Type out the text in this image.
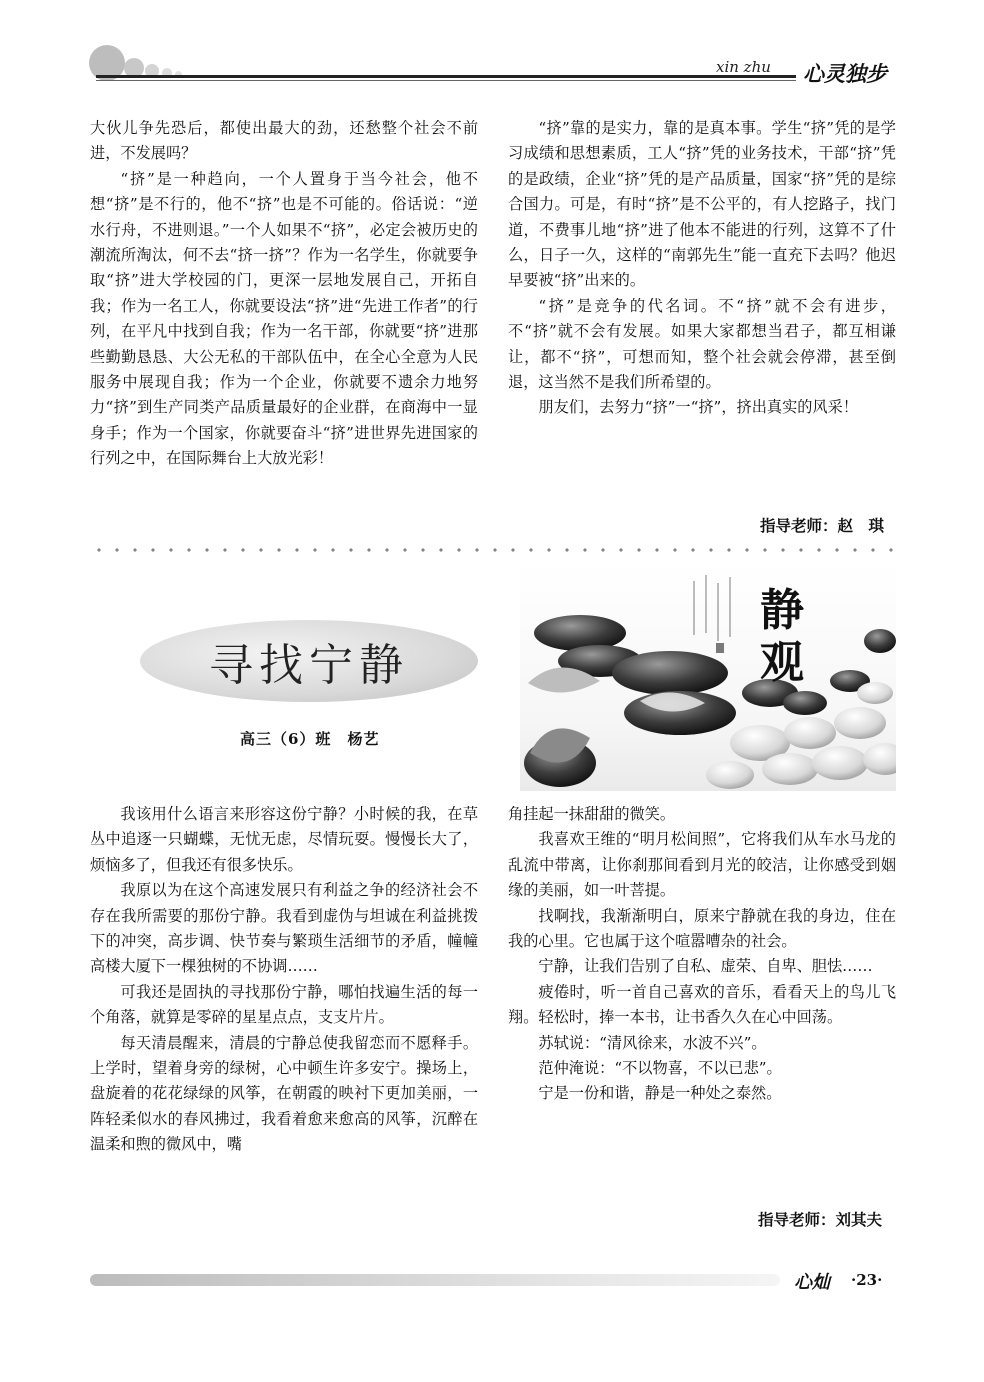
xin zhu 心灵独步

大伙儿争先恐后，都使出最大的劲，还愁整个社会不前进，不发展吗？

“挤”是一种趋向，一个人置身于当今社会，他不想“挤”是不行的，他不“挤”也是不可能的。俗话说：“逆水行舟，不进则退。”一个人如果不“挤”，必定会被历史的潮流所淘汰，何不去“挤一挤”？作为一名学生，你就要争取“挤”进大学校园的门，更深一层地发展自己，开拓自我；作为一名工人，你就要设法“挤”进“先进工作者”的行列，在平凡中找到自我；作为一名干部，你就要“挤”进那些勤勤恳恳、大公无私的干部队伍中，在全心全意为人民服务中展现自我；作为一个企业，你就要不遗余力地努力“挤”到生产同类产品质量最好的企业群，在商海中一显身手；作为一个国家，你就要奋斗“挤”进世界先进国家的行列之中，在国际舞台上大放光彩！

“挤”靠的是实力，靠的是真本事。学生“挤”凭的是学习成绩和思想素质，工人“挤”凭的业务技术，干部“挤”凭的是政绩，企业“挤”凭的是产品质量，国家“挤”凭的是综合国力。可是，有时“挤”是不公平的，有人挖路子，找门道，不费事儿地“挤”进了他本不能进的行列，这算不了什么，日子一久，这样的“南郭先生”能一直充下去吗？他迟早要被“挤”出来的。

“挤”是竞争的代名词。不“挤”就不会有进步，不“挤”就不会有发展。如果大家都想当君子，都互相谦让，都不“挤”，可想而知，整个社会就会停滞，甚至倒退，这当然不是我们所希望的。

朋友们，去努力“挤”一“挤”，挤出真实的风采！

指导老师：赵　琪
寻找宁静
高三（6）班　杨艺
静观

我该用什么语言来形容这份宁静？小时候的我，在草丛中追逐一只蝴蝶，无忧无虑，尽情玩耍。慢慢长大了，烦恼多了，但我还有很多快乐。

我原以为在这个高速发展只有利益之争的经济社会不存在我所需要的那份宁静。我看到虚伪与坦诚在利益挑拨下的冲突，高步调、快节奏与繁琐生活细节的矛盾，幢幢高楼大厦下一棵独树的不协调……

可我还是固执的寻找那份宁静，哪怕找遍生活的每一个角落，就算是零碎的星星点点，支支片片。

每天清晨醒来，清晨的宁静总使我留恋而不愿释手。上学时，望着身旁的绿树，心中顿生许多安宁。操场上，盘旋着的花花绿绿的风筝，在朝霞的映衬下更加美丽，一阵轻柔似水的春风拂过，我看着愈来愈高的风筝，沉醉在温柔和煦的微风中，嘴

角挂起一抹甜甜的微笑。

我喜欢王维的“明月松间照”，它将我们从车水马龙的乱流中带离，让你刹那间看到月光的皎洁，让你感受到姻缘的美丽，如一叶菩提。

找啊找，我渐渐明白，原来宁静就在我的身边，住在我的心里。它也属于这个喧嚣嘈杂的社会。

宁静，让我们告别了自私、虚荣、自卑、胆怯……

疲倦时，听一首自己喜欢的音乐，看看天上的鸟儿飞翔。轻松时，捧一本书，让书香久久在心中回荡。

苏轼说：“清风徐来，水波不兴”。

范仲淹说：“不以物喜，不以已悲”。

宁是一份和谐，静是一种处之泰然。

指导老师：刘其夫
心灿 ·23·
